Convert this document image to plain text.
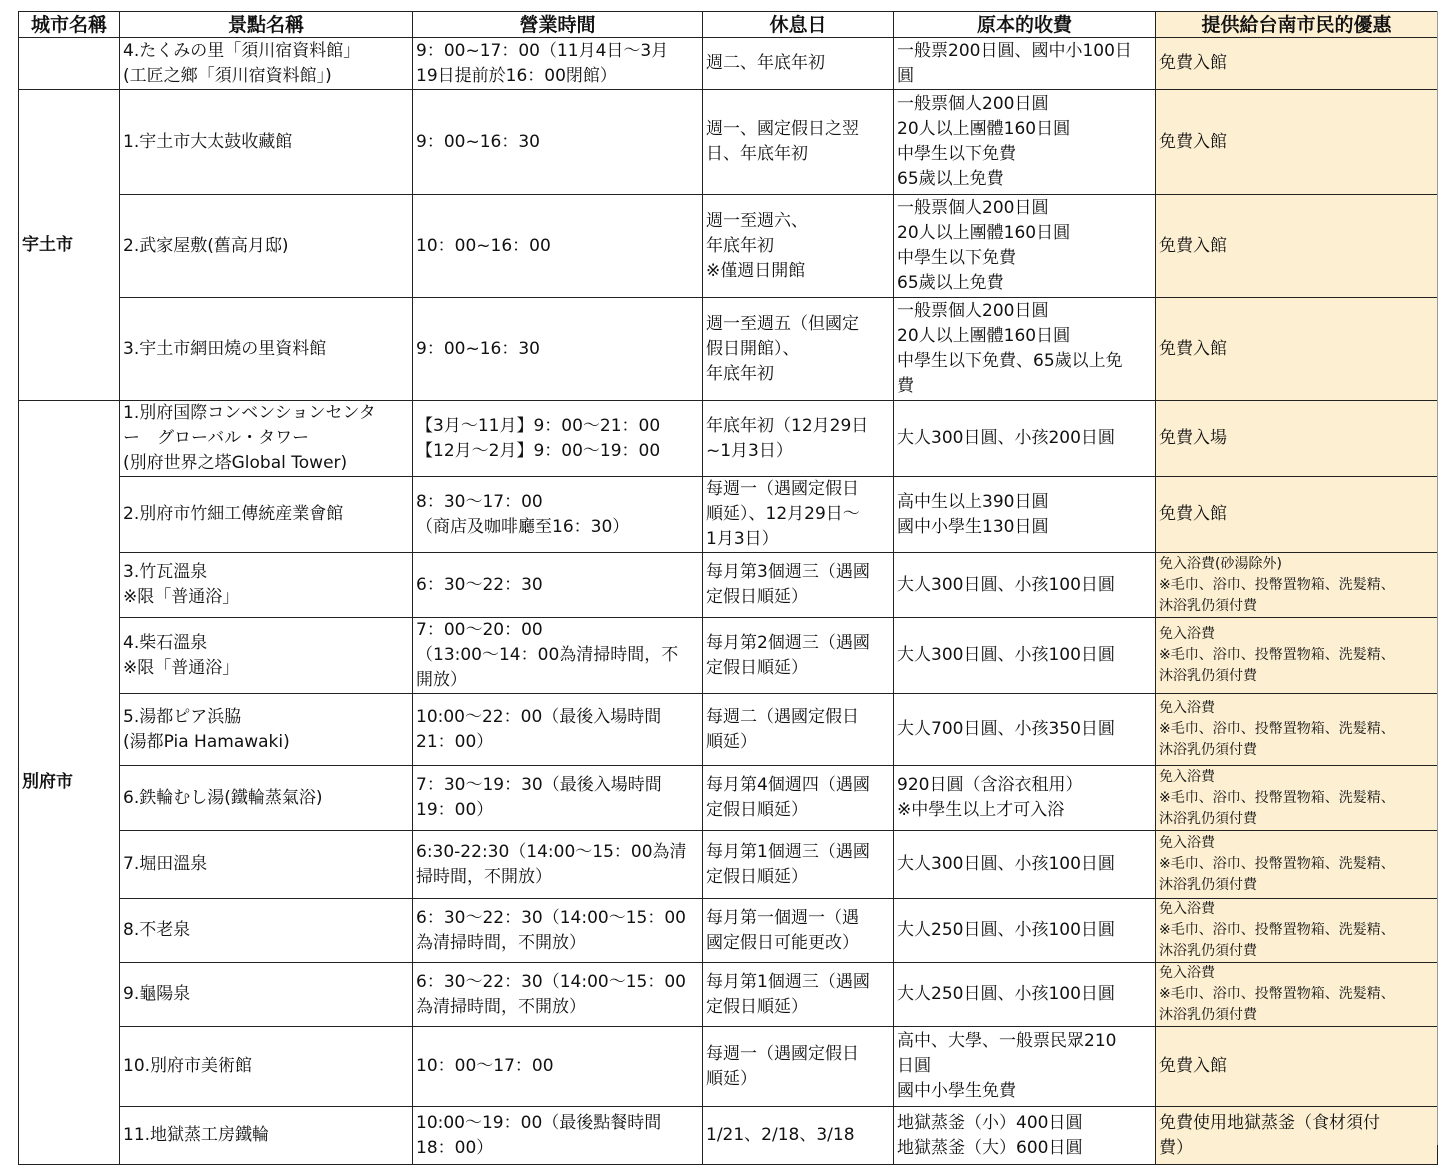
城市名稱	景點名稱	營業時間	休息日	原本的收費	提供給台南市民的優惠

	4.たくみの里「須川宿資料館」
(工匠之鄉「須川宿資料館」)	9：00~17：00（11月4日～3月
19日提前於16：00閉館）	週二、年底年初	一般票200日圓、國中小100日
圓	免費入館

宇土市	1.宇土市大太鼓收藏館	9：00~16：30	週一、國定假日之翌
日、年底年初	一般票個人200日圓
20人以上團體160日圓
中學生以下免費
65歲以上免費	免費入館

	2.武家屋敷(舊高月邸)	10：00~16：00	週一至週六、
年底年初
※僅週日開館	一般票個人200日圓
20人以上團體160日圓
中學生以下免費
65歲以上免費	免費入館

	3.宇土市網田燒の里資料館	9：00~16：30	週一至週五（但國定
假日開館）、
年底年初	一般票個人200日圓
20人以上團體160日圓
中學生以下免費、65歲以上免
費	免費入館

別府市	1.別府国際コンベンションセンタ
ー　グローバル・タワー
(別府世界之塔Global Tower)	【3月～11月】9：00～21：00
【12月～2月】9：00～19：00	年底年初（12月29日
~1月3日）	大人300日圓、小孩200日圓	免費入場

	2.別府市竹細工傳統産業會館	8：30～17：00
（商店及咖啡廳至16：30）	每週一（遇國定假日
順延）、12月29日～
1月3日）	高中生以上390日圓
國中小學生130日圓	免費入館

	3.竹瓦溫泉
※限「普通浴」	6：30～22：30	每月第3個週三（遇國
定假日順延）	大人300日圓、小孩100日圓	免入浴費(砂湯除外)
※毛巾、浴巾、投幣置物箱、洗髮精、
沐浴乳仍須付費

	4.柴石溫泉
※限「普通浴」	7：00～20：00
（13:00～14：00為清掃時間，不
開放）	每月第2個週三（遇國
定假日順延）	大人300日圓、小孩100日圓	免入浴費
※毛巾、浴巾、投幣置物箱、洗髮精、
沐浴乳仍須付費

	5.湯都ピア浜脇
(湯都Pia Hamawaki)	10:00～22：00（最後入場時間
21：00）	每週二（遇國定假日
順延）	大人700日圓、小孩350日圓	免入浴費
※毛巾、浴巾、投幣置物箱、洗髮精、
沐浴乳仍須付費

	6.鉄輪むし湯(鐵輪蒸氣浴)	7：30～19：30（最後入場時間
19：00）	每月第4個週四（遇國
定假日順延）	920日圓（含浴衣租用）
※中學生以上才可入浴	免入浴費
※毛巾、浴巾、投幣置物箱、洗髮精、
沐浴乳仍須付費

	7.堀田溫泉	6:30-22:30（14:00～15：00為清
掃時間，不開放）	每月第1個週三（遇國
定假日順延）	大人300日圓、小孩100日圓	免入浴費
※毛巾、浴巾、投幣置物箱、洗髮精、
沐浴乳仍須付費

	8.不老泉	6：30～22：30（14:00～15：00
為清掃時間，不開放）	每月第一個週一（遇
國定假日可能更改）	大人250日圓、小孩100日圓	免入浴費
※毛巾、浴巾、投幣置物箱、洗髮精、
沐浴乳仍須付費

	9.龜陽泉	6：30～22：30（14:00～15：00
為清掃時間，不開放）	每月第1個週三（遇國
定假日順延）	大人250日圓、小孩100日圓	免入浴費
※毛巾、浴巾、投幣置物箱、洗髮精、
沐浴乳仍須付費

	10.別府市美術館	10：00～17：00	每週一（遇國定假日
順延）	高中、大學、一般票民眾210
日圓
國中小學生免費	免費入館

	11.地獄蒸工房鐵輪	10:00～19：00（最後點餐時間
18：00）	1/21、2/18、3/18	地獄蒸釜（小）400日圓
地獄蒸釜（大）600日圓	免費使用地獄蒸釜（食材須付
費）
